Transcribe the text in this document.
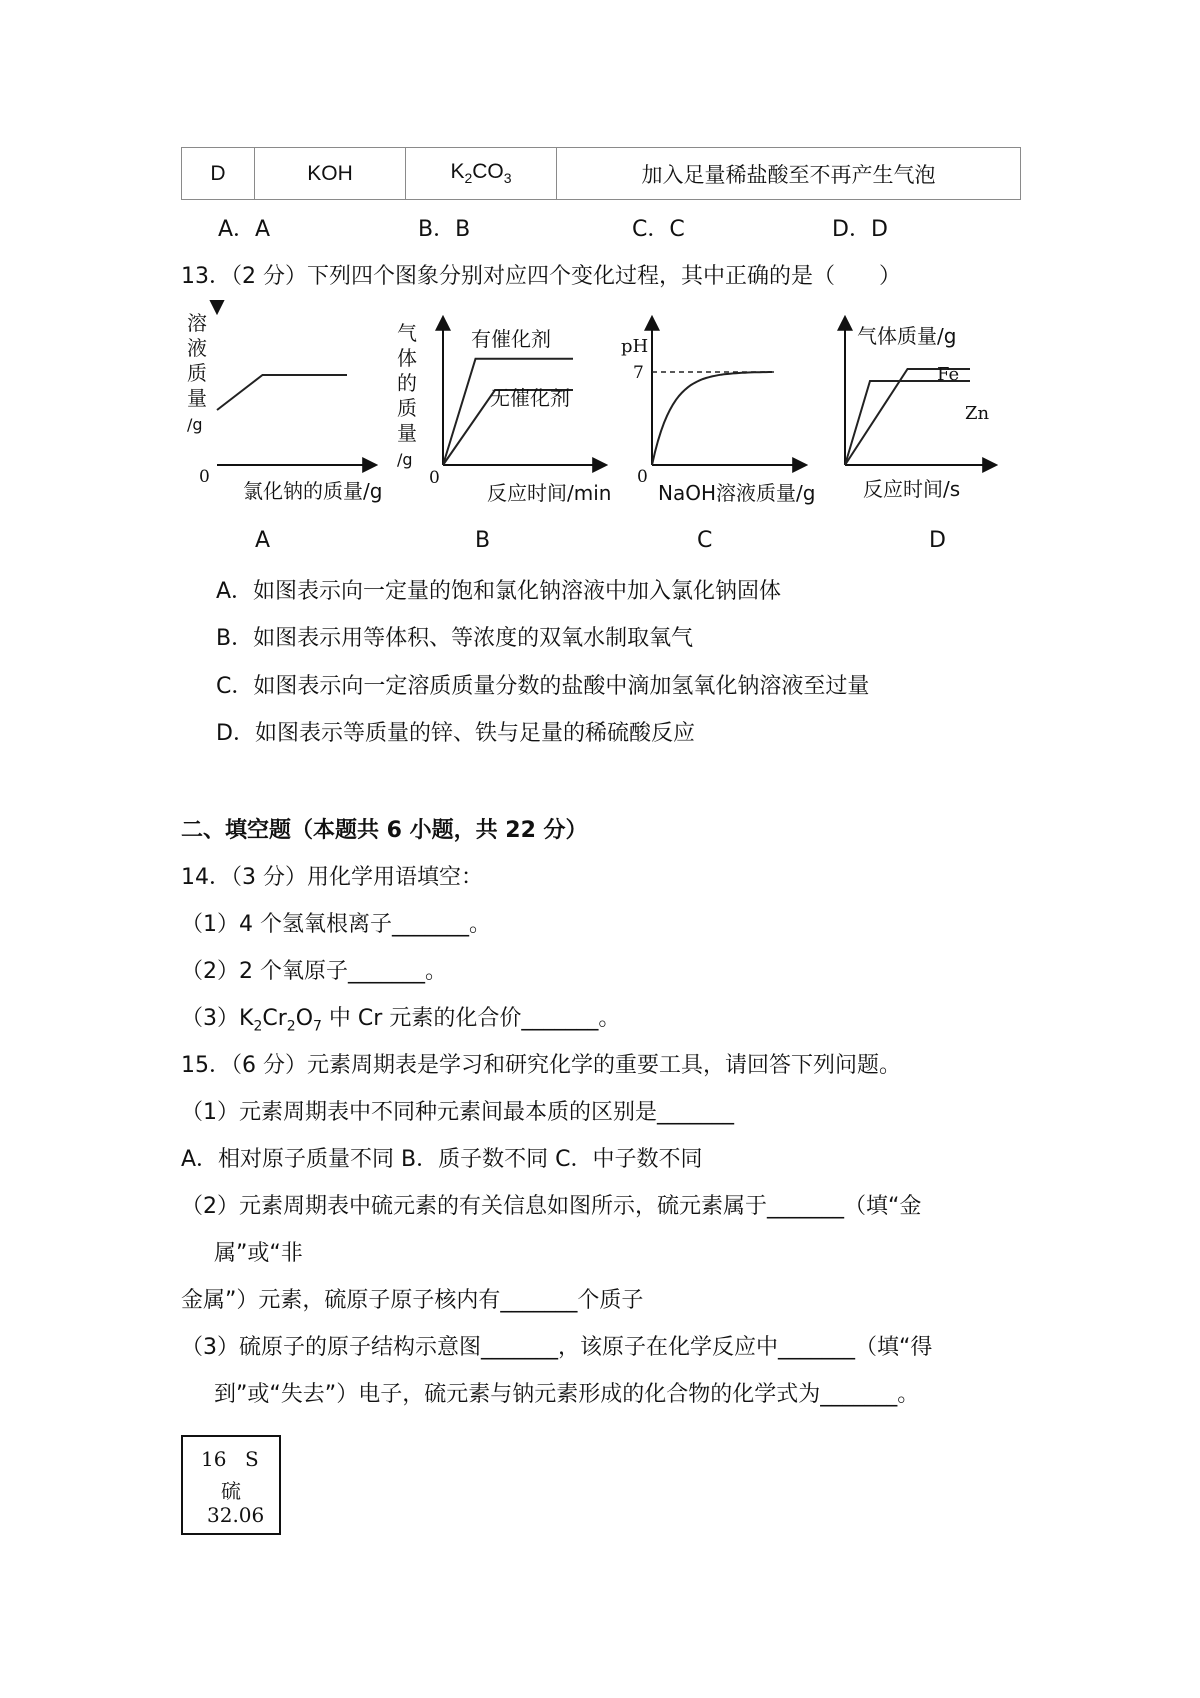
D	KOH	$K_2CO_3$	加入足量稀盐酸至不再产生气泡
A．A	B．B	C．C	D．D
13．（2 分）下列四个图象分别对应四个变化过程，其中正确的是（　　）
溶液质量/g
0
氯化钠的质量/g
气体的质量/g
有催化剂
无催化剂
0
反应时间/min
pH
7
0
NaOH溶液质量/g
气体质量/g
Fe
Zn
反应时间/s
A	B	C	D
A．如图表示向一定量的饱和氯化钠溶液中加入氯化钠固体
B．如图表示用等体积、等浓度的双氧水制取氧气
C．如图表示向一定溶质质量分数的盐酸中滴加氢氧化钠溶液至过量
D．如图表示等质量的锌、铁与足量的稀硫酸反应
二、填空题（本题共 6 小题，共 22 分）
14．（3 分）用化学用语填空：
（1）4 个氢氧根离子_______。
（2）2 个氧原子_______。
$(3)K_2Cr_2O_7$ 中 Cr 元素的化合价_______。
15．（6 分）元素周期表是学习和研究化学的重要工具，请回答下列问题。
（1）元素周期表中不同种元素间最本质的区别是_______
A．相对原子质量不同 B．质子数不同 C．中子数不同
（2）元素周期表中硫元素的有关信息如图所示，硫元素属于_______（填“金
属”或“非
金属”）元素，硫原子原子核内有_______个质子
（3）硫原子的原子结构示意图_______，该原子在化学反应中_______（填“得
到”或“失去”）电子，硫元素与钠元素形成的化合物的化学式为_______。
16 S
硫
32.06
